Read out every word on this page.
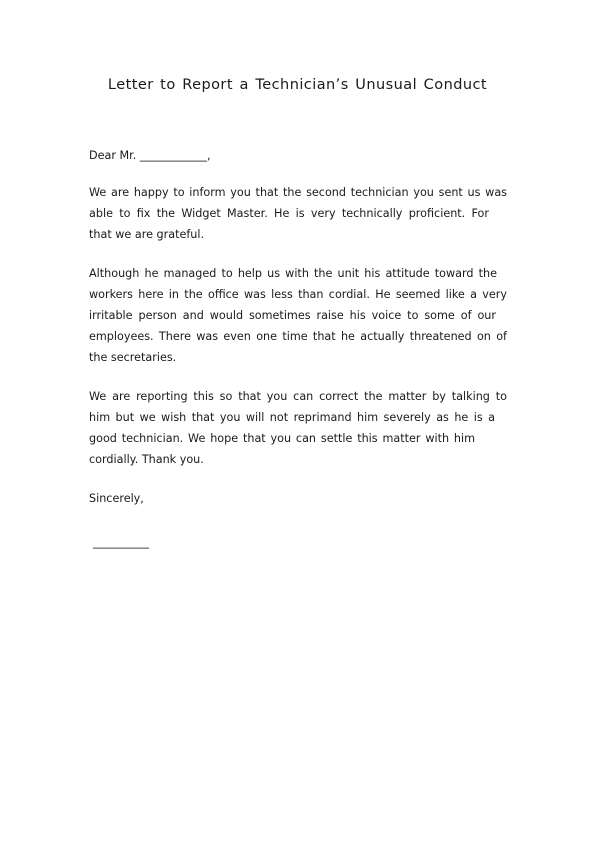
Letter to Report a Technician’s Unusual Conduct
Dear Mr. ____________,
We are happy to inform you that the second technician you sent us was
able to fix the Widget Master. He is very technically proficient. For
that we are grateful.
Although he managed to help us with the unit his attitude toward the
workers here in the office was less than cordial. He seemed like a very
irritable person and would sometimes raise his voice to some of our
employees. There was even one time that he actually threatened on of
the secretaries.
We are reporting this so that you can correct the matter by talking to
him but we wish that you will not reprimand him severely as he is a
good technician. We hope that you can settle this matter with him
cordially. Thank you.
Sincerely,
__________
